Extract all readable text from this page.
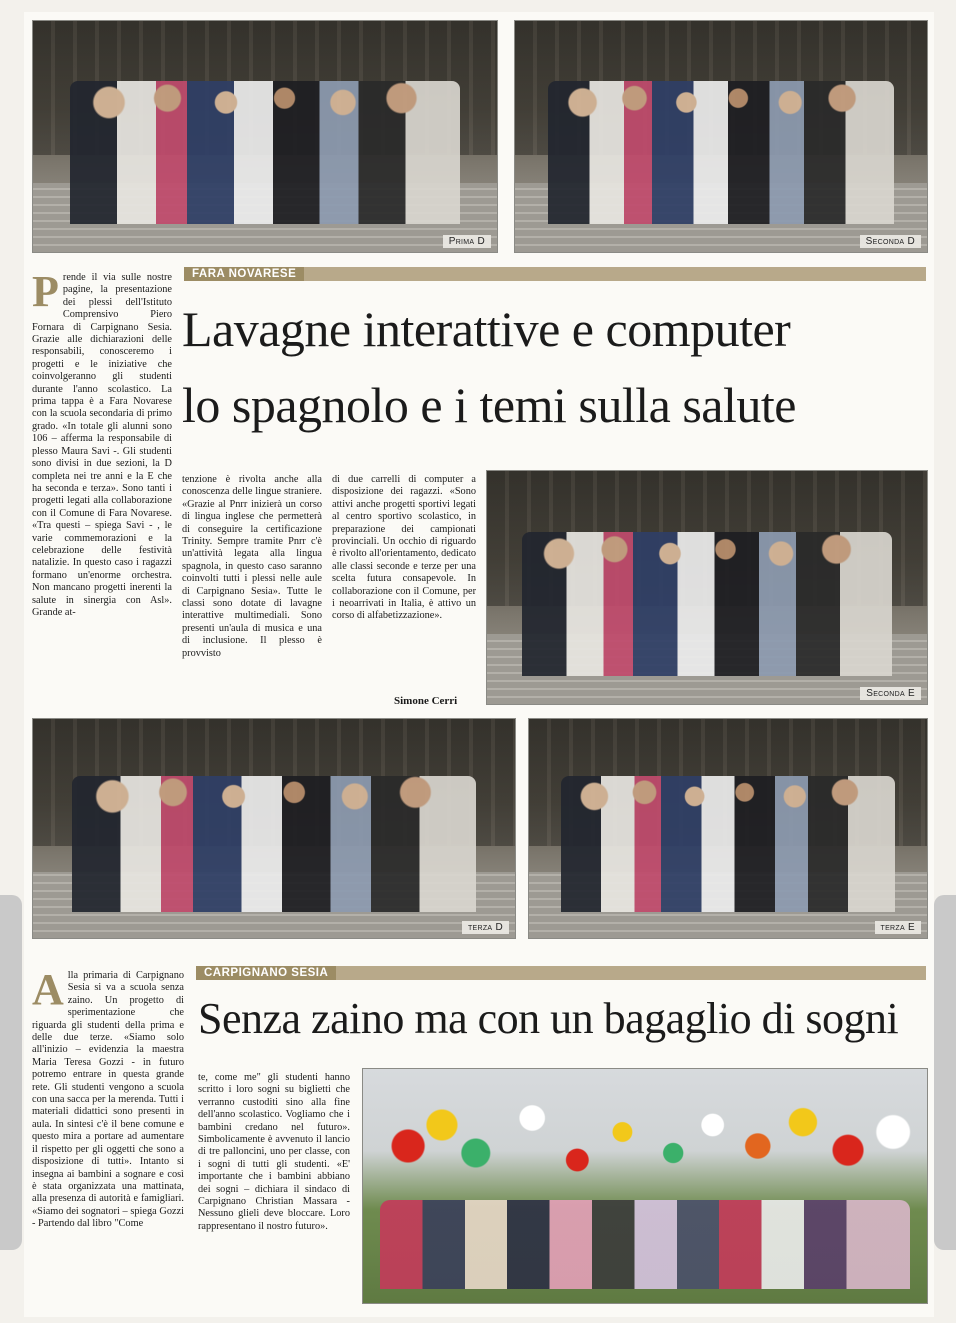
Prima D	Seconda D
FARA NOVARESE
Lavagne interattive e computer
lo spagnolo e i temi sulla salute
Prende il via sulle nostre pagine, la presentazione dei plessi dell'Istituto Comprensivo Piero Fornara di Carpignano Sesia. Grazie alle dichiarazioni delle responsabili, conosceremo i progetti e le iniziative che coinvolgeranno gli studenti durante l'anno scolastico. La prima tappa è a Fara Novarese con la scuola secondaria di primo grado. «In totale gli alunni sono 106 – afferma la responsabile di plesso Maura Savi -. Gli studenti sono divisi in due sezioni, la D completa nei tre anni e la E che ha seconda e terza». Sono tanti i progetti legati alla collaborazione con il Comune di Fara Novarese. «Tra questi – spiega Savi - , le varie commemorazioni e la celebrazione delle festività natalizie. In questo caso i ragazzi formano un'enorme orchestra. Non mancano progetti inerenti la salute in sinergia con Asl». Grande at-

tenzione è rivolta anche alla conoscenza delle lingue straniere. «Grazie al Pnrr inizierà un corso di lingua inglese che permetterà di conseguire la certificazione Trinity. Sempre tramite Pnrr c'è un'attività legata alla lingua spagnola, in questo caso saranno coinvolti tutti i plessi nelle aule di Carpignano Sesia». Tutte le classi sono dotate di lavagne interattive multimediali. Sono presenti un'aula di musica e una di inclusione. Il plesso è provvisto

di due carrelli di computer a disposizione dei ragazzi. «Sono attivi anche progetti sportivi legati al centro sportivo scolastico, in preparazione dei campionati provinciali. Un occhio di riguardo è rivolto all'orientamento, dedicato alle classi seconde e terze per una scelta futura consapevole. In collaborazione con il Comune, per i neoarrivati in Italia, è attivo un corso di alfabetizzazione».

Simone Cerri
Seconda E
terza D	terza E
CARPIGNANO SESIA
Senza zaino ma con un bagaglio di sogni
Alla primaria di Carpignano Sesia si va a scuola senza zaino. Un progetto di sperimentazione che riguarda gli studenti della prima e delle due terze. «Siamo solo all'inizio – evidenzia la maestra Maria Teresa Gozzi - in futuro potremo entrare in questa grande rete. Gli studenti vengono a scuola con una sacca per la merenda. Tutti i materiali didattici sono presenti in aula. In sintesi c'è il bene comune e questo mira a portare ad aumentare il rispetto per gli oggetti che sono a disposizione di tutti». Intanto si insegna ai bambini a sognare e così è stata organizzata una mattinata, alla presenza di autorità e famigliari. «Siamo dei sognatori – spiega Gozzi - Partendo dal libro "Come

te, come me" gli studenti hanno scritto i loro sogni su biglietti che verranno custoditi sino alla fine dell'anno scolastico. Vogliamo che i bambini credano nel futuro». Simbolicamente è avvenuto il lancio di tre palloncini, uno per classe, con i sogni di tutti gli studenti. «E' importante che i bambini abbiano dei sogni – dichiara il sindaco di Carpignano Christian Massara - Nessuno glieli deve bloccare. Loro rappresentano il nostro futuro».
